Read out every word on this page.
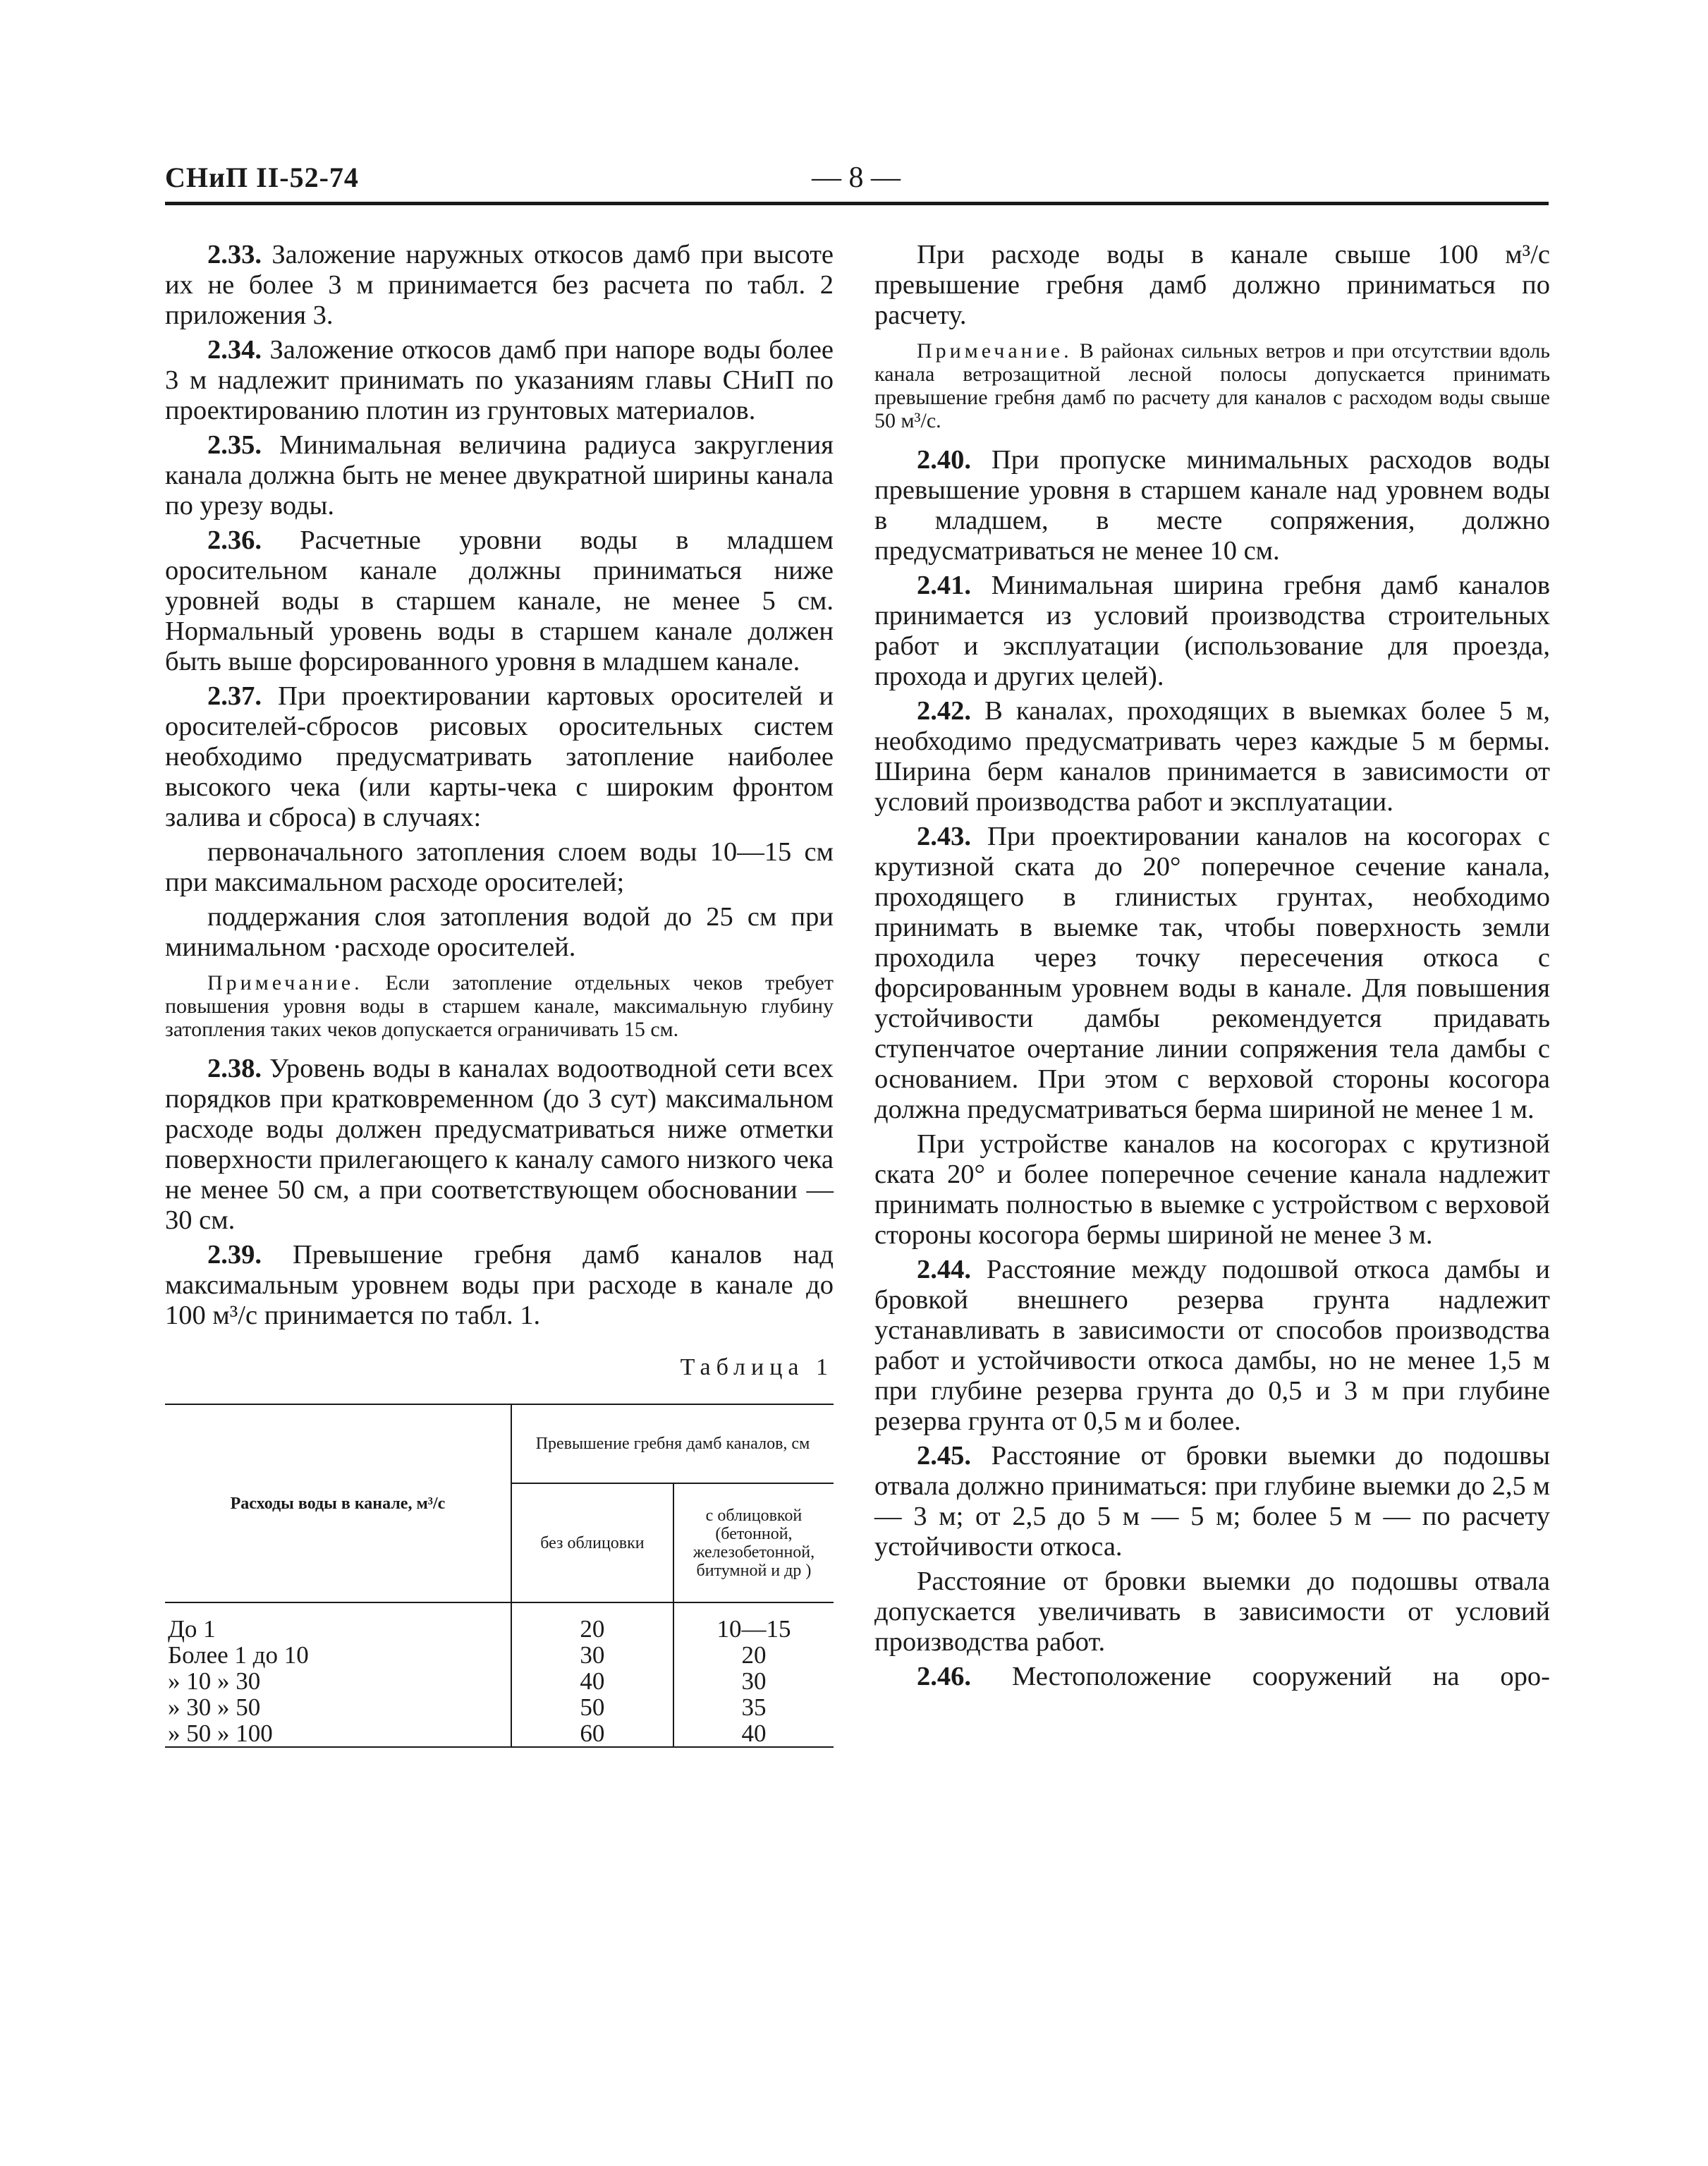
— 8 —
СНиП II-52-74

2.33. Заложение наружных откосов дамб при высоте их не более 3 м принимается без расчета по табл. 2 приложения 3.

2.34. Заложение откосов дамб при напоре воды более 3 м надлежит принимать по указаниям главы СНиП по проектированию плотин из грунтовых материалов.

2.35. Минимальная величина радиуса закругления канала должна быть не менее двукратной ширины канала по урезу воды.

2.36. Расчетные уровни воды в младшем оросительном канале должны приниматься ниже уровней воды в старшем канале, не менее 5 см. Нормальный уровень воды в старшем канале должен быть выше форсированного уровня в младшем канале.

2.37. При проектировании картовых оросителей и оросителей-сбросов рисовых оросительных систем необходимо предусматривать затопление наиболее высокого чека (или карты-чека с широким фронтом залива и сброса) в случаях:

первоначального затопления слоем воды 10—15 см при максимальном расходе оросителей;

поддержания слоя затопления водой до 25 см при минимальном ·расходе оросителей.

Примечание. Если затопление отдельных чеков требует повышения уровня воды в старшем канале, максимальную глубину затопления таких чеков допускается ограничивать 15 см.

2.38. Уровень воды в каналах водоотводной сети всех порядков при кратковременном (до 3 сут) максимальном расходе воды должен предусматриваться ниже отметки поверхности прилегающего к каналу самого низкого чека не менее 50 см, а при соответствующем обосновании — 30 см.

2.39. Превышение гребня дамб каналов над максимальным уровнем воды при расходе в канале до 100 м³/с принимается по табл. 1.

Таблица 1
Расходы воды в канале, м³/с	Превышение гребня дамб каналов, см	
	без облицовки	с облицовкой (бетонной, железобетонной, битумной и др )

До 1	20	10—15
Более 1 до 10	30	20
» 10 » 30	40	30
» 30 » 50	50	35
» 50 » 100	60	40

При расходе воды в канале свыше 100 м³/с превышение гребня дамб должно приниматься по расчету.

Примечание. В районах сильных ветров и при отсутствии вдоль канала ветрозащитной лесной полосы допускается принимать превышение гребня дамб по расчету для каналов с расходом воды свыше 50 м³/с.

2.40. При пропуске минимальных расходов воды превышение уровня в старшем канале над уровнем воды в младшем, в месте сопряжения, должно предусматриваться не менее 10 см.

2.41. Минимальная ширина гребня дамб каналов принимается из условий производства строительных работ и эксплуатации (использование для проезда, прохода и других целей).

2.42. В каналах, проходящих в выемках более 5 м, необходимо предусматривать через каждые 5 м бермы. Ширина берм каналов принимается в зависимости от условий производства работ и эксплуатации.

2.43. При проектировании каналов на косогорах с крутизной ската до 20° поперечное сечение канала, проходящего в глинистых грунтах, необходимо принимать в выемке так, чтобы поверхность земли проходила через точку пересечения откоса с форсированным уровнем воды в канале. Для повышения устойчивости дамбы рекомендуется придавать ступенчатое очертание линии сопряжения тела дамбы с основанием. При этом с верховой стороны косогора должна предусматриваться берма шириной не менее 1 м.

При устройстве каналов на косогорах с крутизной ската 20° и более поперечное сечение канала надлежит принимать полностью в выемке с устройством с верховой стороны косогора бермы шириной не менее 3 м.

2.44. Расстояние между подошвой откоса дамбы и бровкой внешнего резерва грунта надлежит устанавливать в зависимости от способов производства работ и устойчивости откоса дамбы, но не менее 1,5 м при глубине резерва грунта до 0,5 и 3 м при глубине резерва грунта от 0,5 м и более.

2.45. Расстояние от бровки выемки до подошвы отвала должно приниматься: при глубине выемки до 2,5 м — 3 м; от 2,5 до 5 м — 5 м; более 5 м — по расчету устойчивости откоса.

Расстояние от бровки выемки до подошвы отвала допускается увеличивать в зависимости от условий производства работ.

2.46. Местоположение сооружений на оро-
